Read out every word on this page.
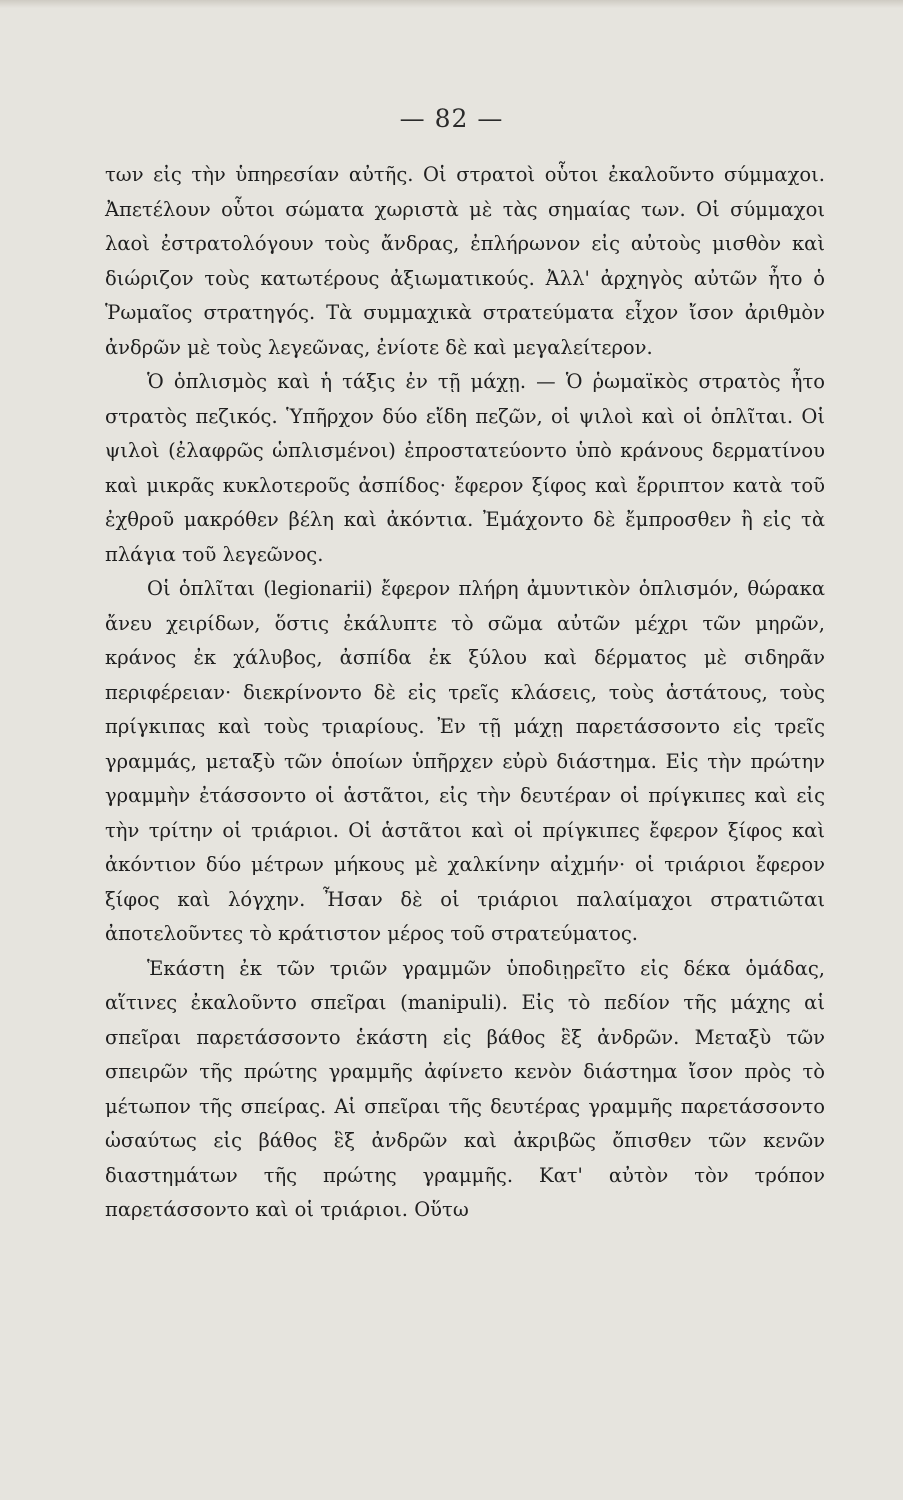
— 82 —

των εἰς τὴν ὑπηρεσίαν αὐτῆς. Οἱ στρατοὶ οὗτοι ἐκαλοῦντο σύμμαχοι. Ἀπετέλουν οὗτοι σώματα χωριστὰ μὲ τὰς σημαίας των. Οἱ σύμμαχοι λαοὶ ἐστρατολόγουν τοὺς ἄνδρας, ἐπλήρωνον εἰς αὐτοὺς μισθὸν καὶ διώριζον τοὺς κατωτέρους ἀξιωματικούς. Ἀλλ' ἀρχηγὸς αὐτῶν ἦτο ὁ Ῥωμαῖος στρατηγός. Τὰ συμμαχικὰ στρατεύματα εἶχον ἴσον ἀριθμὸν ἀνδρῶν μὲ τοὺς λεγεῶνας, ἐνίοτε δὲ καὶ μεγαλείτερον.

Ὁ ὁπλισμὸς καὶ ἡ τάξις ἐν τῇ μάχῃ. — Ὁ ῥωμαϊκὸς στρατὸς ἦτο στρατὸς πεζικός. Ὑπῆρχον δύο εἴδη πεζῶν, οἱ ψιλοὶ καὶ οἱ ὁπλῖται. Οἱ ψιλοὶ (ἐλαφρῶς ὡπλισμένοι) ἐπροστατεύοντο ὑπὸ κράνους δερματίνου καὶ μικρᾶς κυκλοτεροῦς ἀσπίδος· ἔφερον ξίφος καὶ ἔρριπτον κατὰ τοῦ ἐχθροῦ μακρόθεν βέλη καὶ ἀκόντια. Ἐμάχοντο δὲ ἔμπροσθεν ἢ εἰς τὰ πλάγια τοῦ λεγεῶνος.

Οἱ ὁπλῖται (legionarii) ἔφερον πλήρη ἀμυντικὸν ὁπλισμόν, θώρακα ἄνευ χειρίδων, ὅστις ἐκάλυπτε τὸ σῶμα αὐτῶν μέχρι τῶν μηρῶν, κράνος ἐκ χάλυβος, ἀσπίδα ἐκ ξύλου καὶ δέρματος μὲ σιδηρᾶν περιφέρειαν· διεκρίνοντο δὲ εἰς τρεῖς κλάσεις, τοὺς ἁστάτους, τοὺς πρίγκιπας καὶ τοὺς τριαρίους. Ἐν τῇ μάχῃ παρετάσσοντο εἰς τρεῖς γραμμάς, μεταξὺ τῶν ὁποίων ὑπῆρχεν εὐρὺ διάστημα. Εἰς τὴν πρώτην γραμμὴν ἐτάσσοντο οἱ ἁστᾶτοι, εἰς τὴν δευτέραν οἱ πρίγκιπες καὶ εἰς τὴν τρίτην οἱ τριάριοι. Οἱ ἁστᾶτοι καὶ οἱ πρίγκιπες ἔφερον ξίφος καὶ ἀκόντιον δύο μέτρων μήκους μὲ χαλκίνην αἰχμήν· οἱ τριάριοι ἔφερον ξίφος καὶ λόγχην. Ἦσαν δὲ οἱ τριάριοι παλαίμαχοι στρατιῶται ἀποτελοῦντες τὸ κράτιστον μέρος τοῦ στρατεύματος.

Ἑκάστη ἐκ τῶν τριῶν γραμμῶν ὑποδιῃρεῖτο εἰς δέκα ὁμάδας, αἵτινες ἐκαλοῦντο σπεῖραι (manipuli). Εἰς τὸ πεδίον τῆς μάχης αἱ σπεῖραι παρετάσσοντο ἑκάστη εἰς βάθος ἓξ ἀνδρῶν. Μεταξὺ τῶν σπειρῶν τῆς πρώτης γραμμῆς ἀφίνετο κενὸν διάστημα ἴσον πρὸς τὸ μέτωπον τῆς σπείρας. Αἱ σπεῖραι τῆς δευτέρας γραμμῆς παρετάσσοντο ὡσαύτως εἰς βάθος ἓξ ἀνδρῶν καὶ ἀκριβῶς ὄπισθεν τῶν κενῶν διαστημάτων τῆς πρώτης γραμμῆς. Κατ' αὐτὸν τὸν τρόπον παρετάσσοντο καὶ οἱ τριάριοι. Οὕτω
